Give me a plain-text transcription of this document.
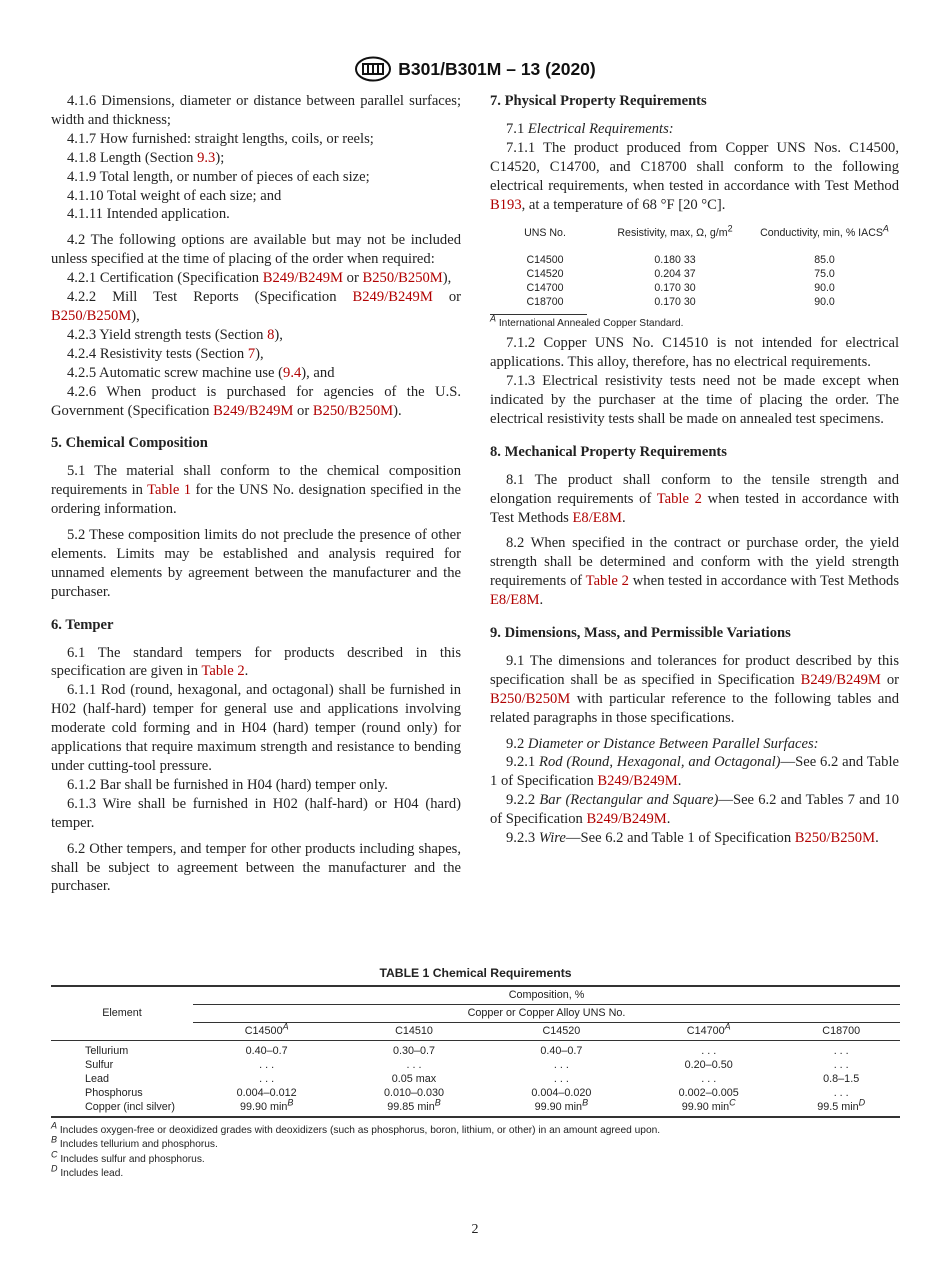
B301/B301M – 13 (2020)

4.1.6 Dimensions, diameter or distance between parallel surfaces; width and thickness;

4.1.7 How furnished: straight lengths, coils, or reels;

4.1.8 Length (Section 9.3);

4.1.9 Total length, or number of pieces of each size;

4.1.10 Total weight of each size; and

4.1.11 Intended application.

4.2 The following options are available but may not be included unless specified at the time of placing of the order when required:

4.2.1 Certification (Specification B249/B249M or B250/B250M),

4.2.2 Mill Test Reports (Specification B249/B249M or B250/B250M),

4.2.3 Yield strength tests (Section 8),

4.2.4 Resistivity tests (Section 7),

4.2.5 Automatic screw machine use (9.4), and

4.2.6 When product is purchased for agencies of the U.S. Government (Specification B249/B249M or B250/B250M).

5. Chemical Composition

5.1 The material shall conform to the chemical composition requirements in Table 1 for the UNS No. designation specified in the ordering information.

5.2 These composition limits do not preclude the presence of other elements. Limits may be established and analysis required for unnamed elements by agreement between the manufacturer and the purchaser.

6. Temper

6.1 The standard tempers for products described in this specification are given in Table 2.

6.1.1 Rod (round, hexagonal, and octagonal) shall be furnished in H02 (half-hard) temper for general use and applications involving moderate cold forming and in H04 (hard) temper (round only) for applications that require maximum strength and resistance to bending under cutting-tool pressure.

6.1.2 Bar shall be furnished in H04 (hard) temper only.

6.1.3 Wire shall be furnished in H02 (half-hard) or H04 (hard) temper.

6.2 Other tempers, and temper for other products including shapes, shall be subject to agreement between the manufacturer and the purchaser.

7. Physical Property Requirements

7.1 Electrical Requirements:

7.1.1 The product produced from Copper UNS Nos. C14500, C14520, C14700, and C18700 shall conform to the following electrical requirements, when tested in accordance with Test Method B193, at a temperature of 68 °F [20 °C].

UNS No.	Resistivity, max, Ω, $g/m^2$	Conductivity, min, % $IACS^A$
C14500	0.180 33	85.0
C14520	0.204 37	75.0
C14700	0.170 30	90.0
C18700	0.170 30	90.0

$^A$ International Annealed Copper Standard.

7.1.2 Copper UNS No. C14510 is not intended for electrical applications. This alloy, therefore, has no electrical requirements.

7.1.3 Electrical resistivity tests need not be made except when indicated by the purchaser at the time of placing the order. The electrical resistivity tests shall be made on annealed test specimens.

8. Mechanical Property Requirements

8.1 The product shall conform to the tensile strength and elongation requirements of Table 2 when tested in accordance with Test Methods E8/E8M.

8.2 When specified in the contract or purchase order, the yield strength shall be determined and conform with the yield strength requirements of Table 2 when tested in accordance with Test Methods E8/E8M.

9. Dimensions, Mass, and Permissible Variations

9.1 The dimensions and tolerances for product described by this specification shall be as specified in Specification B249/B249M or B250/B250M with particular reference to the following tables and related paragraphs in those specifications.

9.2 Diameter or Distance Between Parallel Surfaces:

9.2.1 Rod (Round, Hexagonal, and Octagonal)—See 6.2 and Table 1 of Specification B249/B249M.

9.2.2 Bar (Rectangular and Square)—See 6.2 and Tables 7 and 10 of Specification B249/B249M.

9.2.3 Wire—See 6.2 and Table 1 of Specification B250/B250M.

TABLE 1 Chemical Requirements
Element	Composition, %				
	Copper or Copper Alloy UNS No.				
	$C14500^A$	C14510	C14520	$C14700^A$	C18700
Tellurium	0.40–0.7	0.30–0.7	0.40–0.7	. . .	. . .
Sulfur	. . .	. . .	. . .	0.20–0.50	. . .
Lead	. . .	0.05 max	. . .	. . .	0.8–1.5
Phosphorus	0.004–0.012	0.010–0.030	0.004–0.020	0.002–0.005	. . .
Copper (incl silver)	99.90 $\min^B$	99.85 $\min^B$	99.90 $\min^B$	99.90 $\min^C$	99.5 $\min^D$
$^A$ Includes oxygen-free or deoxidized grades with deoxidizers (such as phosphorus, boron, lithium, or other) in an amount agreed upon.
$^B$ Includes tellurium and phosphorus.
$^C$ Includes sulfur and phosphorus.
$^D$ Includes lead.
2
